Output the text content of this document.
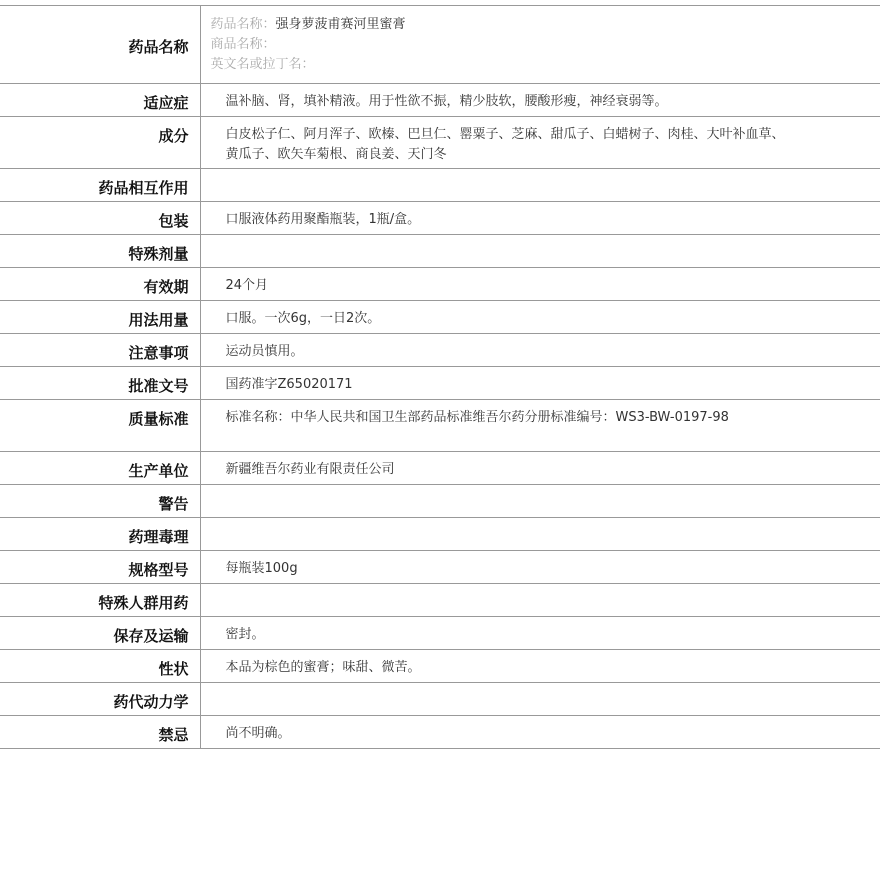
药品名称	药品名称：强身萝菠甫赛河里蜜膏
商品名称：
英文名或拉丁名：

适应症	温补脑、肾，填补精液。用于性欲不振，精少肢软，腰酸形瘦，神经衰弱等。
成分	白皮松子仁、阿月浑子、欧榛、巴旦仁、罂粟子、芝麻、甜瓜子、白蜡树子、肉桂、大叶补血草、黄瓜子、欧矢车菊根、商良姜、天门冬
药品相互作用	
包装	口服液体药用聚酯瓶装，1瓶/盒。
特殊剂量	
有效期	24个月
用法用量	口服。一次6g，一日2次。
注意事项	运动员慎用。
批准文号	国药准字Z65020171
质量标准	标准名称：中华人民共和国卫生部药品标准维吾尔药分册标准编号：WS3-BW-0197-98
生产单位	新疆维吾尔药业有限责任公司
警告	
药理毒理	
规格型号	每瓶装100g
特殊人群用药	
保存及运输	密封。
性状	本品为棕色的蜜膏；味甜、微苦。
药代动力学	
禁忌	尚不明确。
